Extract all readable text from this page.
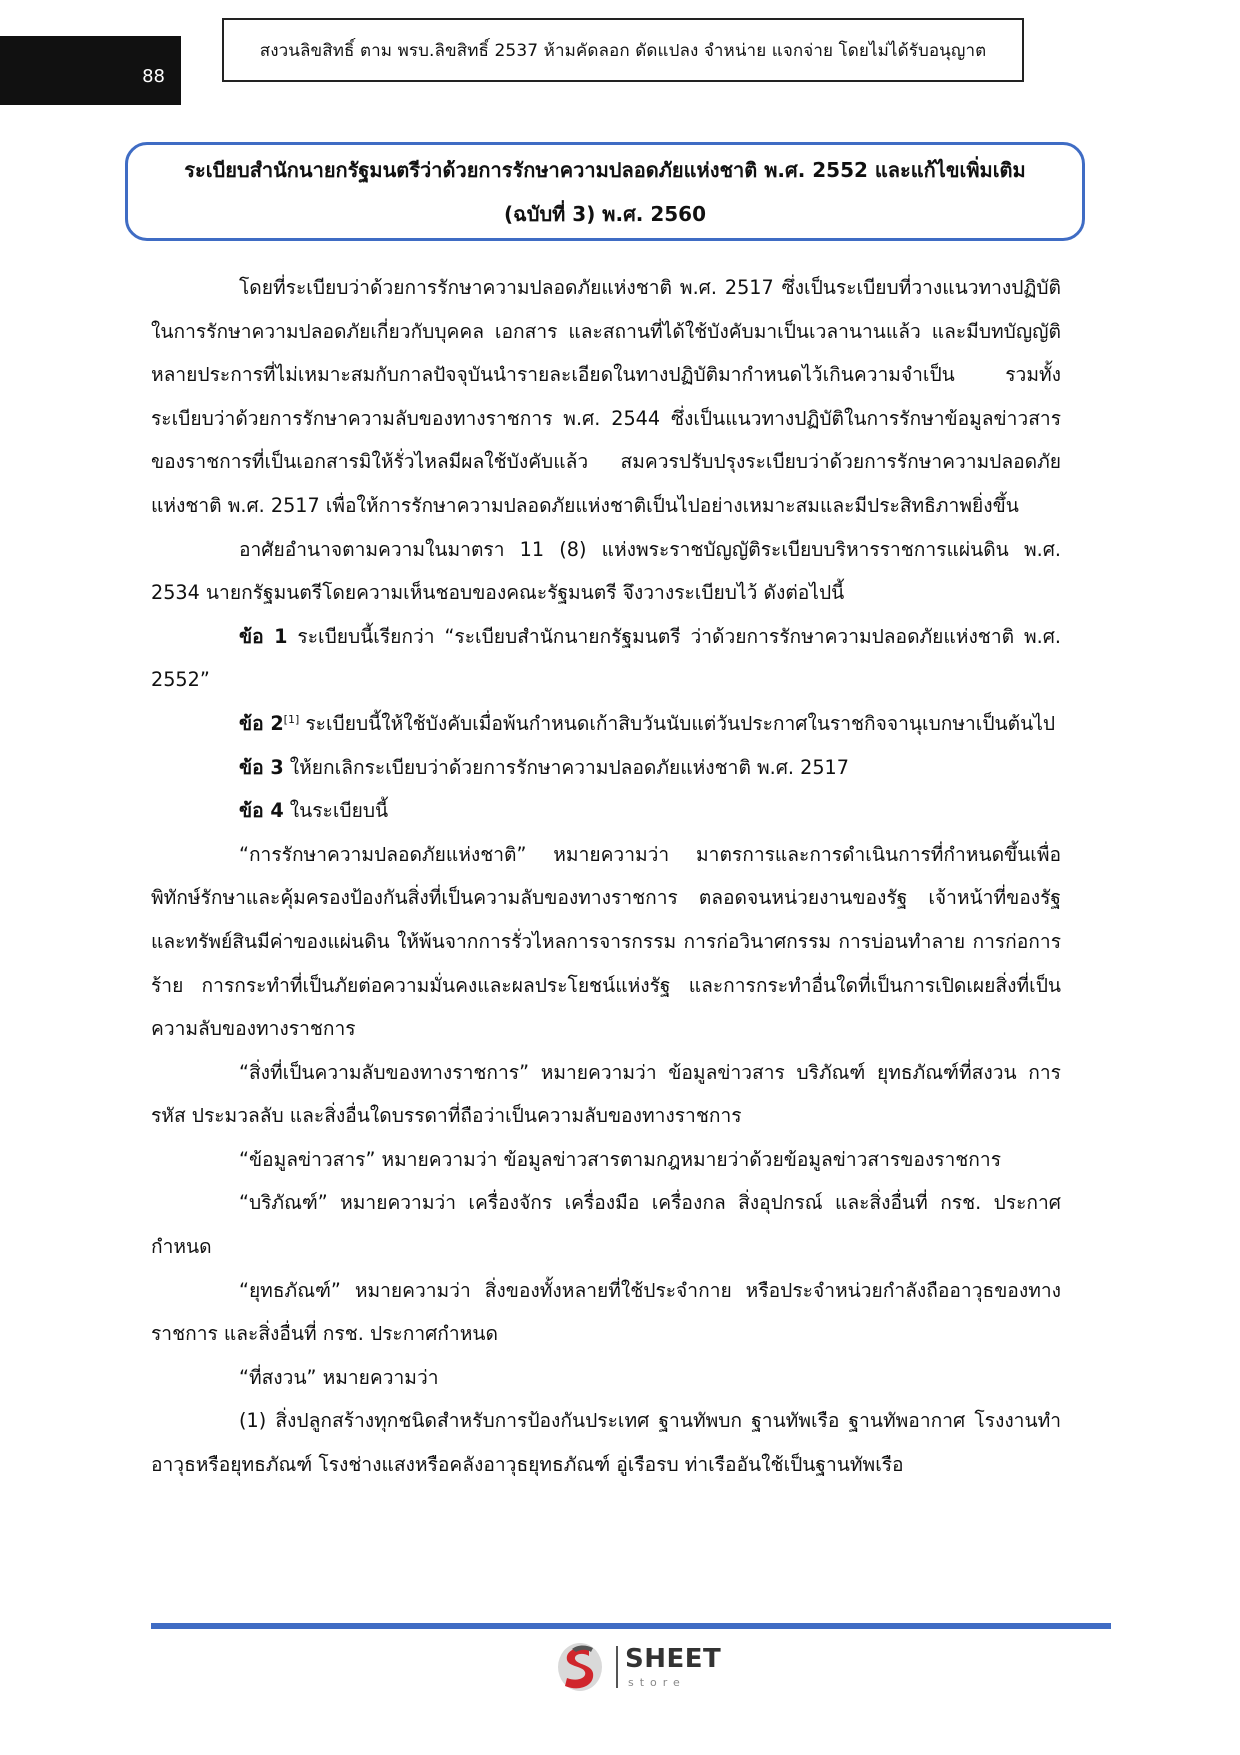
88
สงวนลิขสิทธิ์ ตาม พรบ.ลิขสิทธิ์ 2537 ห้ามคัดลอก ดัดแปลง จำหน่าย แจกจ่าย โดยไม่ได้รับอนุญาต
ระเบียบสำนักนายกรัฐมนตรีว่าด้วยการรักษาความปลอดภัยแห่งชาติ พ.ศ. 2552 และแก้ไขเพิ่มเติม
(ฉบับที่ 3) พ.ศ. 2560

โดยที่ระเบียบว่าด้วยการรักษาความปลอดภัยแห่งชาติ พ.ศ. 2517 ซึ่งเป็นระเบียบที่วางแนวทางปฏิบัติในการรักษาความปลอดภัยเกี่ยวกับบุคคล เอกสาร และสถานที่ได้ใช้บังคับมาเป็นเวลานานแล้ว และมีบทบัญญัติหลายประการที่ไม่เหมาะสมกับกาลปัจจุบันนำรายละเอียดในทางปฏิบัติมากำหนดไว้เกินความจำเป็น รวมทั้งระเบียบว่าด้วยการรักษาความลับของทางราชการ พ.ศ. 2544 ซึ่งเป็นแนวทางปฏิบัติในการรักษาข้อมูลข่าวสารของราชการที่เป็นเอกสารมิให้รั่วไหลมีผลใช้บังคับแล้ว สมควรปรับปรุงระเบียบว่าด้วยการรักษาความปลอดภัยแห่งชาติ พ.ศ. 2517 เพื่อให้การรักษาความปลอดภัยแห่งชาติเป็นไปอย่างเหมาะสมและมีประสิทธิภาพยิ่งขึ้น

อาศัยอำนาจตามความในมาตรา 11 (8) แห่งพระราชบัญญัติระเบียบบริหารราชการแผ่นดิน พ.ศ. 2534 นายกรัฐมนตรีโดยความเห็นชอบของคณะรัฐมนตรี จึงวางระเบียบไว้ ดังต่อไปนี้

ข้อ 1 ระเบียบนี้เรียกว่า “ระเบียบสำนักนายกรัฐมนตรี ว่าด้วยการรักษาความปลอดภัยแห่งชาติ พ.ศ. 2552”

ข้อ 2[1] ระเบียบนี้ให้ใช้บังคับเมื่อพ้นกำหนดเก้าสิบวันนับแต่วันประกาศในราชกิจจานุเบกษาเป็นต้นไป

ข้อ 3 ให้ยกเลิกระเบียบว่าด้วยการรักษาความปลอดภัยแห่งชาติ พ.ศ. 2517

ข้อ 4 ในระเบียบนี้

“การรักษาความปลอดภัยแห่งชาติ” หมายความว่า มาตรการและการดำเนินการที่กำหนดขึ้นเพื่อพิทักษ์รักษาและคุ้มครองป้องกันสิ่งที่เป็นความลับของทางราชการ ตลอดจนหน่วยงานของรัฐ เจ้าหน้าที่ของรัฐ และทรัพย์สินมีค่าของแผ่นดิน ให้พ้นจากการรั่วไหลการจารกรรม การก่อวินาศกรรม การบ่อนทำลาย การก่อการร้าย การกระทำที่เป็นภัยต่อความมั่นคงและผลประโยชน์แห่งรัฐ และการกระทำอื่นใดที่เป็นการเปิดเผยสิ่งที่เป็นความลับของทางราชการ

“สิ่งที่เป็นความลับของทางราชการ” หมายความว่า ข้อมูลข่าวสาร บริภัณฑ์ ยุทธภัณฑ์ที่สงวน การรหัส ประมวลลับ และสิ่งอื่นใดบรรดาที่ถือว่าเป็นความลับของทางราชการ

“ข้อมูลข่าวสาร” หมายความว่า ข้อมูลข่าวสารตามกฎหมายว่าด้วยข้อมูลข่าวสารของราชการ

“บริภัณฑ์” หมายความว่า เครื่องจักร เครื่องมือ เครื่องกล สิ่งอุปกรณ์ และสิ่งอื่นที่ กรช. ประกาศกำหนด

“ยุทธภัณฑ์” หมายความว่า สิ่งของทั้งหลายที่ใช้ประจำกาย หรือประจำหน่วยกำลังถืออาวุธของทางราชการ และสิ่งอื่นที่ กรช. ประกาศกำหนด

“ที่สงวน” หมายความว่า

(1) สิ่งปลูกสร้างทุกชนิดสำหรับการป้องกันประเทศ ฐานทัพบก ฐานทัพเรือ ฐานทัพอากาศ โรงงานทำอาวุธหรือยุทธภัณฑ์ โรงช่างแสงหรือคลังอาวุธยุทธภัณฑ์ อู่เรือรบ ท่าเรืออันใช้เป็นฐานทัพเรือ

SHEET
store
